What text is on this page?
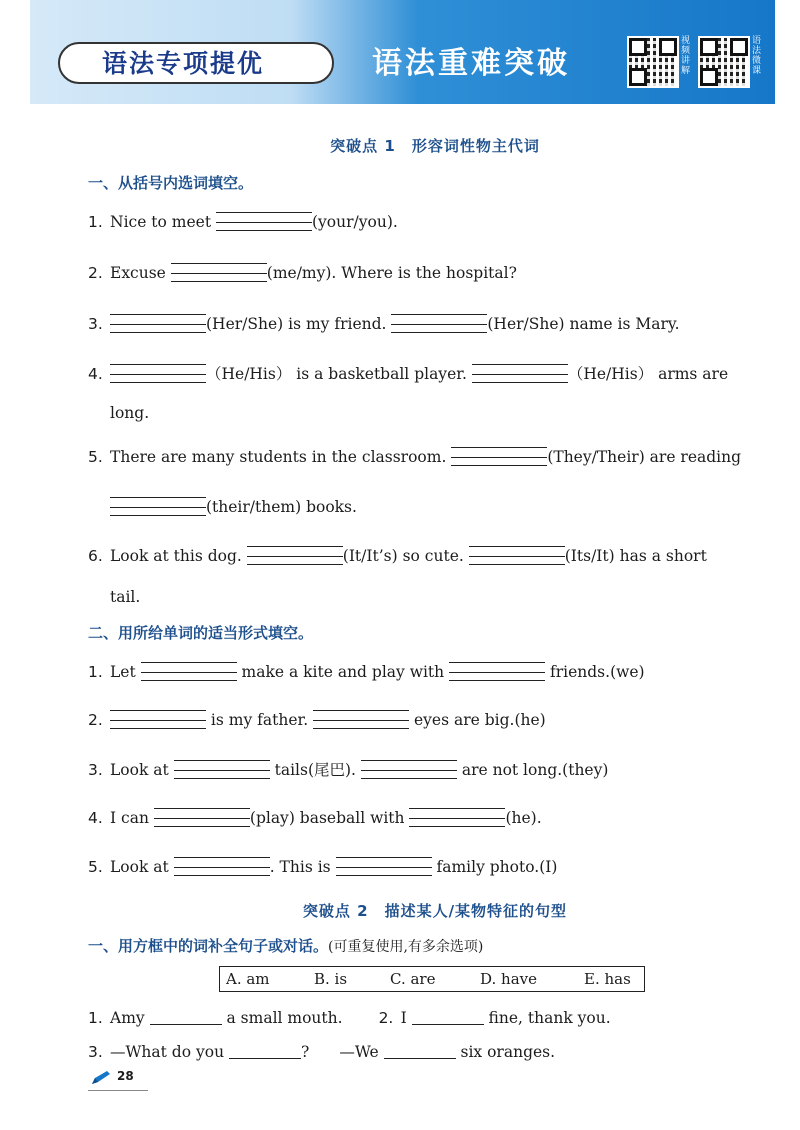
语法专项提优	语法重难突破
视频讲解
语法微课
突破点 1　形容词性物主代词
一、从括号内选词填空。
1. Nice to meet	(your/you).
2. Excuse	(me/my). Where is the hospital?
3.	(Her/She) is my friend.	(Her/She) name is Mary.
4.	（He/His） is a basketball player.	（He/His） arms are
long.
5. There are many students in the classroom.	(They/Their) are reading
(their/them) books.
6. Look at this dog.	(It/It’s) so cute.	(Its/It) has a short
tail.
二、用所给单词的适当形式填空。
1. Let	make a kite and play with	friends.(we)
2.	is my father.	eyes are big.(he)
3. Look at	tails(尾巴).	are not long.(they)
4. I can	(play) baseball with	(he).
5. Look at	. This is	family photo.(I)
突破点 2　描述某人/某物特征的句型
一、用方框中的词补全句子或对话。(可重复使用,有多余选项)
A. am	B. is	C. are	D. have	E. has
1. Amy	a small mouth. 2. I	fine, thank you.
3. —What do you	? —We	six oranges.
28
